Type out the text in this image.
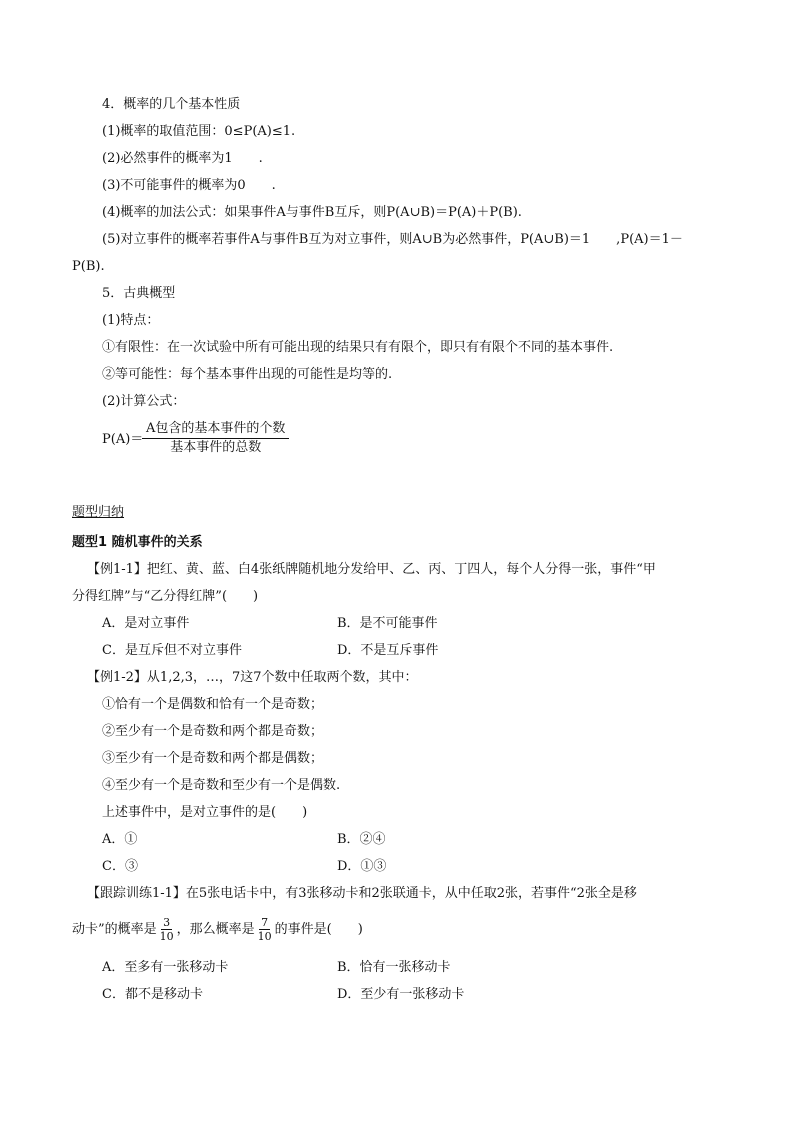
4．概率的几个基本性质
(1)概率的取值范围：0≤P(A)≤1.
(2)必然事件的概率为1　　.
(3)不可能事件的概率为0　　.
(4)概率的加法公式：如果事件A与事件B互斥，则P(A∪B)＝P(A)＋P(B).
(5)对立事件的概率若事件A与事件B互为对立事件，则A∪B为必然事件，P(A∪B)＝1　　,P(A)＝1－
P(B).
5．古典概型
(1)特点：
①有限性：在一次试验中所有可能出现的结果只有有限个，即只有有限个不同的基本事件.
②等可能性：每个基本事件出现的可能性是均等的.
(2)计算公式：
P(A)＝
A包含的基本事件的个数
基本事件的总数
题型归纳
题型1 随机事件的关系
【例1-1】把红、黄、蓝、白4张纸牌随机地分发给甲、乙、丙、丁四人，每个人分得一张，事件“甲
分得红牌”与“乙分得红牌”(　　)
A．是对立事件	B．是不可能事件
C．是互斥但不对立事件	D．不是互斥事件
【例1-2】从1,2,3，…，7这7个数中任取两个数，其中：
①恰有一个是偶数和恰有一个是奇数；
②至少有一个是奇数和两个都是奇数；
③至少有一个是奇数和两个都是偶数；
④至少有一个是奇数和至少有一个是偶数.
上述事件中，是对立事件的是(　　)
A．①	B．②④
C．③	D．①③
【跟踪训练1-1】在5张电话卡中，有3张移动卡和2张联通卡，从中任取2张，若事件“2张全是移
动卡”的概率是 $\frac{3}{10}$ ，那么概率是 $\frac{7}{10}$ 的事件是(　　)
A．至多有一张移动卡	B．恰有一张移动卡
C．都不是移动卡	D．至少有一张移动卡
